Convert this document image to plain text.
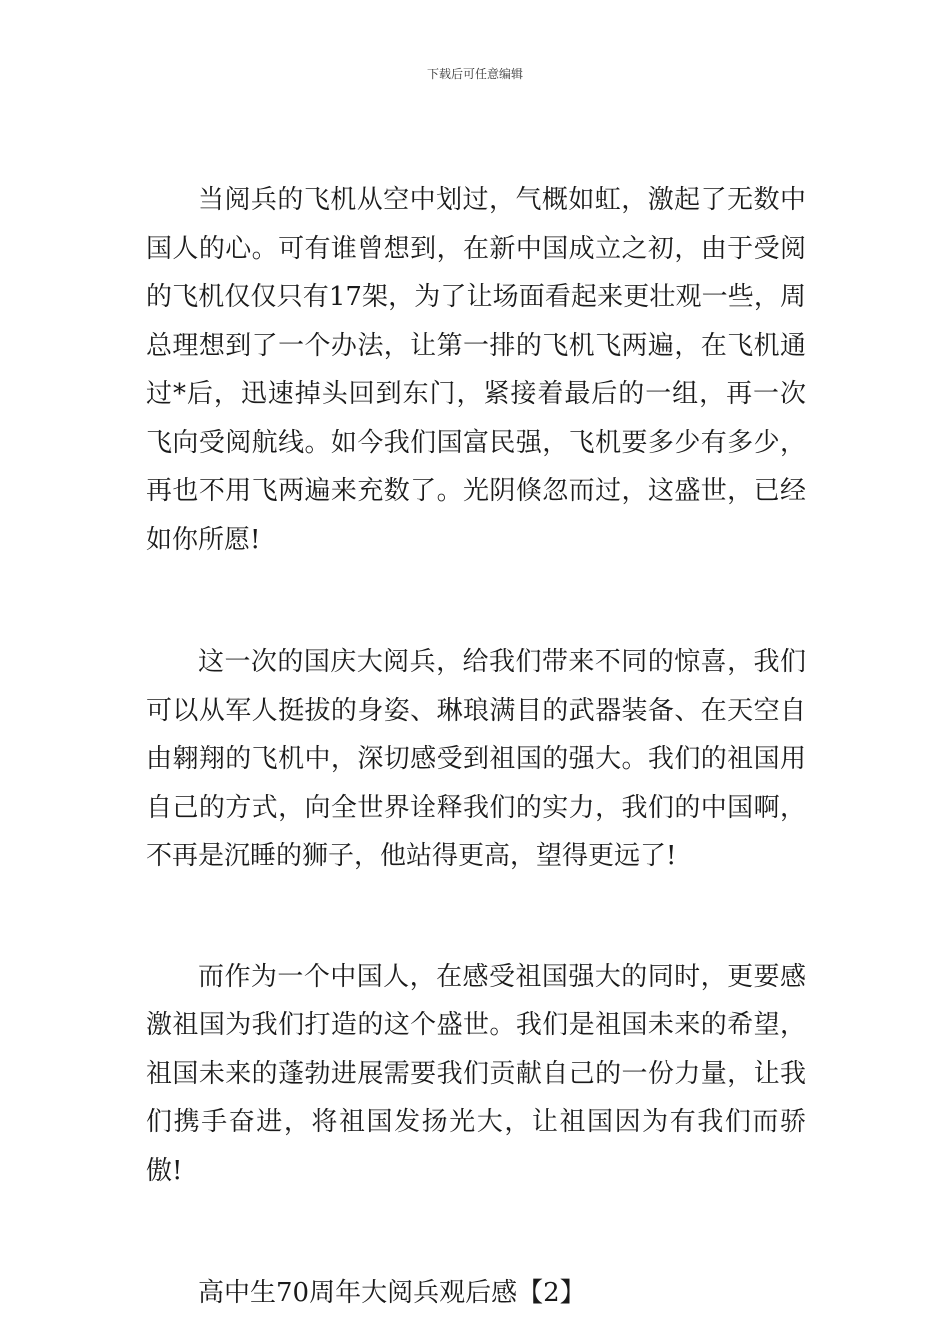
下载后可任意编辑

当阅兵的飞机从空中划过，气概如虹，激起了无数中国人的心。可有谁曾想到，在新中国成立之初，由于受阅的飞机仅仅只有17架，为了让场面看起来更壮观一些，周总理想到了一个办法，让第一排的飞机飞两遍，在飞机通过*后，迅速掉头回到东门，紧接着最后的一组，再一次飞向受阅航线。如今我们国富民强，飞机要多少有多少，再也不用飞两遍来充数了。光阴倏忽而过，这盛世，已经如你所愿!

这一次的国庆大阅兵，给我们带来不同的惊喜，我们可以从军人挺拔的身姿、琳琅满目的武器装备、在天空自由翱翔的飞机中，深切感受到祖国的强大。我们的祖国用自己的方式，向全世界诠释我们的实力，我们的中国啊，不再是沉睡的狮子，他站得更高，望得更远了!

而作为一个中国人，在感受祖国强大的同时，更要感激祖国为我们打造的这个盛世。我们是祖国未来的希望，祖国未来的蓬勃进展需要我们贡献自己的一份力量，让我们携手奋进，将祖国发扬光大，让祖国因为有我们而骄傲!

高中生70周年大阅兵观后感【2】
